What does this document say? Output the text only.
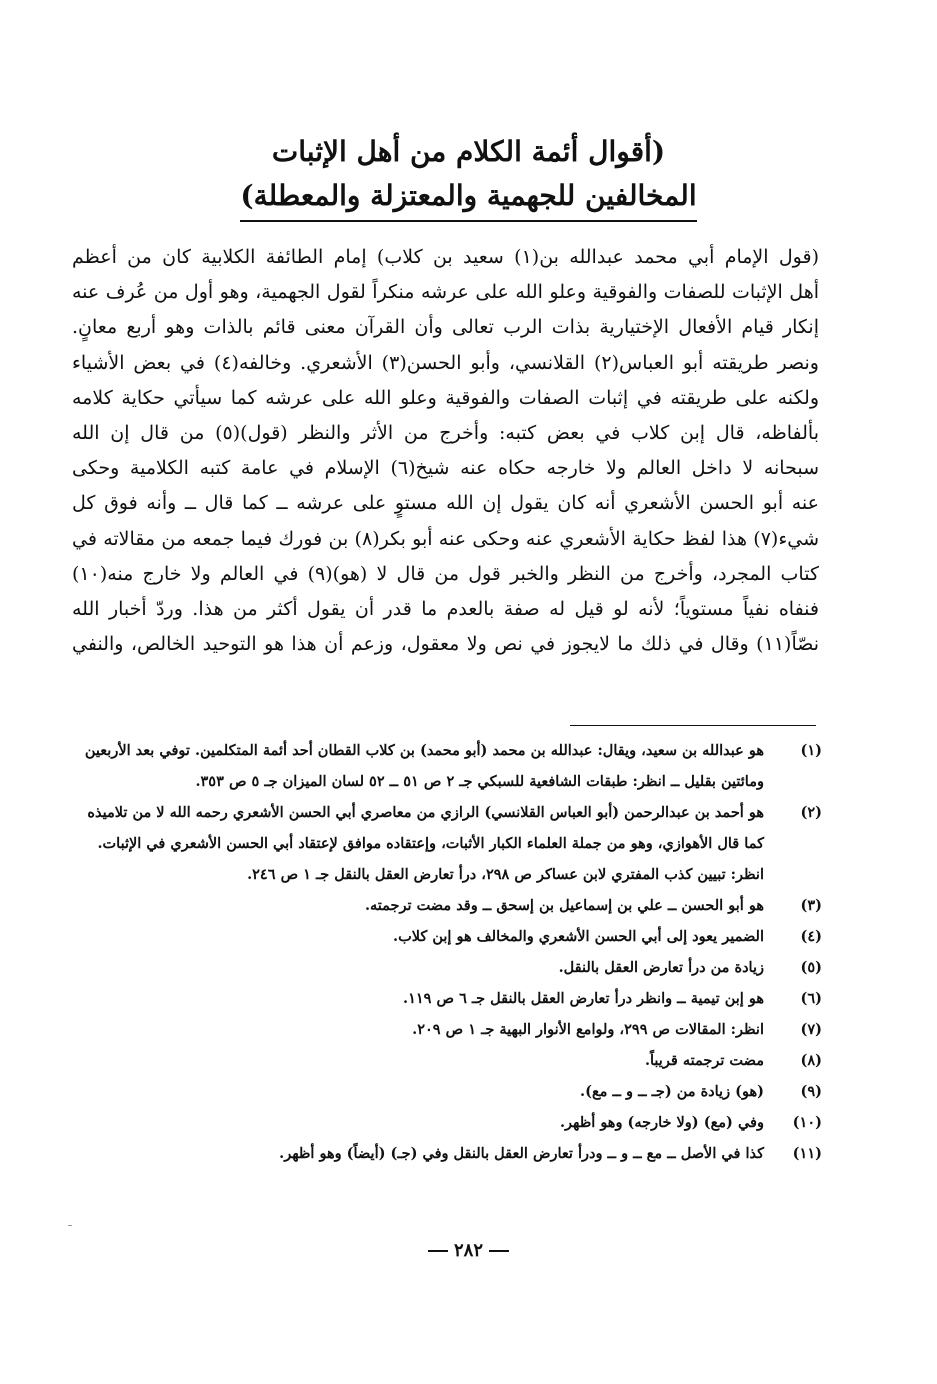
(أقوال أئمة الكلام من أهل الإثبات
المخالفين للجهمية والمعتزلة والمعطلة)
(قول الإمام أبي محمد عبدالله بن(١) سعيد بن كلاب) إمام الطائفة الكلابية كان من أعظم
أهل الإثبات للصفات والفوقية وعلو الله على عرشه منكراً لقول الجهمية، وهو أول من عُرف عنه
إنكار قيام الأفعال الإختيارية بذات الرب تعالى وأن القرآن معنى قائم بالذات وهو أربع معانٍ.
ونصر طريقته أبو العباس(٢) القلانسي، وأبو الحسن(٣) الأشعري. وخالفه(٤) في بعض الأشياء
ولكنه على طريقته في إثبات الصفات والفوقية وعلو الله على عرشه كما سيأتي حكاية كلامه
بألفاظه، قال إبن كلاب في بعض كتبه: وأخرج من الأثر والنظر (قول)(٥) من قال إن الله
سبحانه لا داخل العالم ولا خارجه حكاه عنه شيخ(٦) الإسلام في عامة كتبه الكلامية وحكى
عنه أبو الحسن الأشعري أنه كان يقول إن الله مستوٍ على عرشه ــ كما قال ــ وأنه فوق كل
شيء(٧) هذا لفظ حكاية الأشعري عنه وحكى عنه أبو بكر(٨) بن فورك فيما جمعه من مقالاته في
كتاب المجرد، وأخرج من النظر والخبر قول من قال لا (هو)(٩) في العالم ولا خارج منه(١٠)
فنفاه نفياً مستوياً؛ لأنه لو قيل له صفة بالعدم ما قدر أن يقول أكثر من هذا. وردّ أخبار الله
نصّاً(١١) وقال في ذلك ما لايجوز في نص ولا معقول، وزعم أن هذا هو التوحيد الخالص، والنفي
(١)
هو عبدالله بن سعيد، ويقال: عبدالله بن محمد (أبو محمد) بن كلاب القطان أحد أئمة المتكلمين. توفي بعد الأربعين ومائتين بقليل ــ انظر: طبقات الشافعية للسبكي جـ ٢ ص ٥١ ــ ٥٢ لسان الميزان جـ ٥ ص ٣٥٣.
(٢)
هو أحمد بن عبدالرحمن (أبو العباس القلانسي) الرازي من معاصري أبي الحسن الأشعري رحمه الله لا من تلاميذه كما قال الأهوازي، وهو من جملة العلماء الكبار الأثبات، وإعتقاده موافق لإعتقاد أبي الحسن الأشعري في الإثبات. انظر: تبيين كذب المفتري لابن عساكر ص ٢٩٨، درأ تعارض العقل بالنقل جـ ١ ص ٢٤٦.
(٣)
هو أبو الحسن ــ علي بن إسماعيل بن إسحق ــ وقد مضت ترجمته.
(٤)
الضمير يعود إلى أبي الحسن الأشعري والمخالف هو إبن كلاب.
(٥)
زيادة من درأ تعارض العقل بالنقل.
(٦)
هو إبن تيمية ــ وانظر درأ تعارض العقل بالنقل جـ ٦ ص ١١٩.
(٧)
انظر: المقالات ص ٢٩٩، ولوامع الأنوار البهية جـ ١ ص ٢٠٩.
(٨)
مضت ترجمته قريباً.
(٩)
(هو) زيادة من (جـ ــ و ــ مع).
(١٠)
وفي (مع) (ولا خارجه) وهو أظهر.
(١١)
كذا في الأصل ــ مع ــ و ــ ودرأ تعارض العقل بالنقل وفي (جـ) (أيضاً) وهو أظهر.
٢٨٢
